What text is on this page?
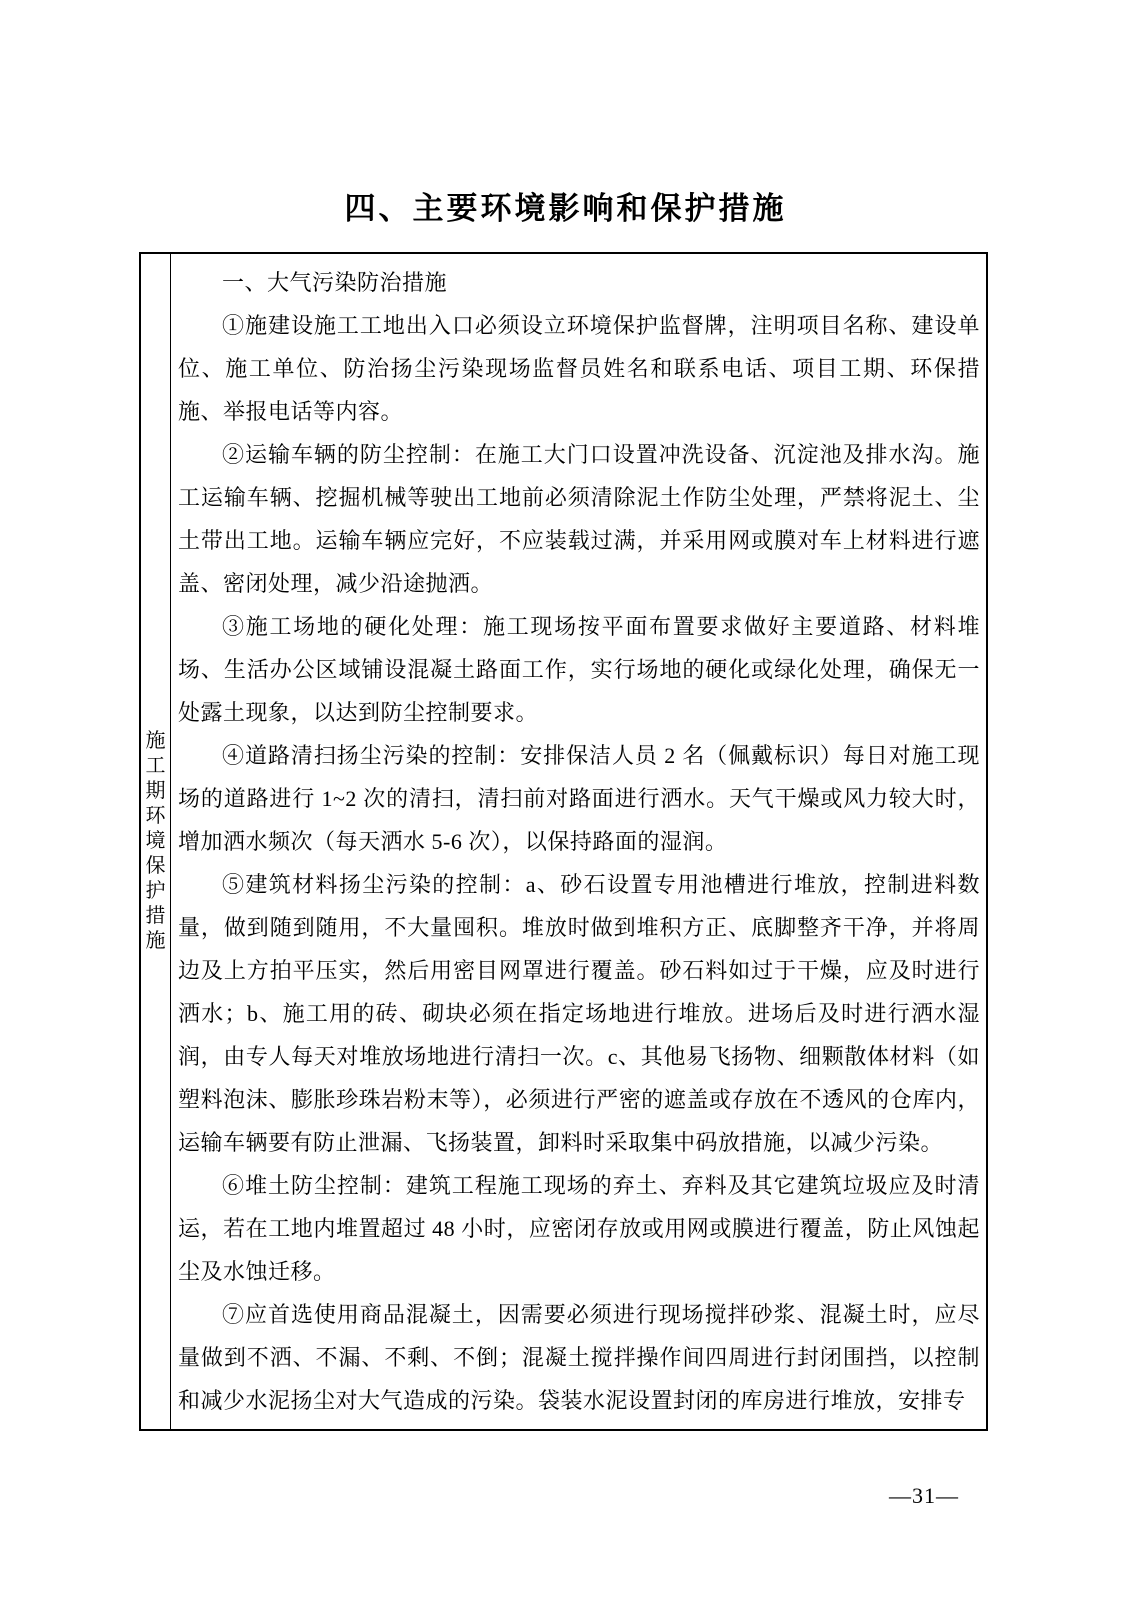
四、主要环境影响和保护措施
施工期环境保护措施

一、大气污染防治措施

①施建设施工工地出入口必须设立环境保护监督牌，注明项目名称、建设单位、施工单位、防治扬尘污染现场监督员姓名和联系电话、项目工期、环保措施、举报电话等内容。

②运输车辆的防尘控制：在施工大门口设置冲洗设备、沉淀池及排水沟。施工运输车辆、挖掘机械等驶出工地前必须清除泥土作防尘处理，严禁将泥土、尘土带出工地。运输车辆应完好，不应装载过满，并采用网或膜对车上材料进行遮盖、密闭处理，减少沿途抛洒。

③施工场地的硬化处理：施工现场按平面布置要求做好主要道路、材料堆场、生活办公区域铺设混凝土路面工作，实行场地的硬化或绿化处理，确保无一处露土现象，以达到防尘控制要求。

④道路清扫扬尘污染的控制：安排保洁人员 2 名（佩戴标识）每日对施工现场的道路进行 1~2 次的清扫，清扫前对路面进行洒水。天气干燥或风力较大时，增加洒水频次（每天洒水 5-6 次），以保持路面的湿润。

⑤建筑材料扬尘污染的控制：a、砂石设置专用池槽进行堆放，控制进料数量，做到随到随用，不大量囤积。堆放时做到堆积方正、底脚整齐干净，并将周边及上方拍平压实，然后用密目网罩进行覆盖。砂石料如过于干燥，应及时进行洒水；b、施工用的砖、砌块必须在指定场地进行堆放。进场后及时进行洒水湿润，由专人每天对堆放场地进行清扫一次。c、其他易飞扬物、细颗散体材料（如塑料泡沫、膨胀珍珠岩粉末等），必须进行严密的遮盖或存放在不透风的仓库内，运输车辆要有防止泄漏、飞扬装置，卸料时采取集中码放措施，以减少污染。

⑥堆土防尘控制：建筑工程施工现场的弃土、弃料及其它建筑垃圾应及时清运，若在工地内堆置超过 48 小时，应密闭存放或用网或膜进行覆盖，防止风蚀起尘及水蚀迁移。

⑦应首选使用商品混凝土，因需要必须进行现场搅拌砂浆、混凝土时，应尽量做到不洒、不漏、不剩、不倒；混凝土搅拌操作间四周进行封闭围挡，以控制和减少水泥扬尘对大气造成的污染。袋装水泥设置封闭的库房进行堆放，安排专

—31—
